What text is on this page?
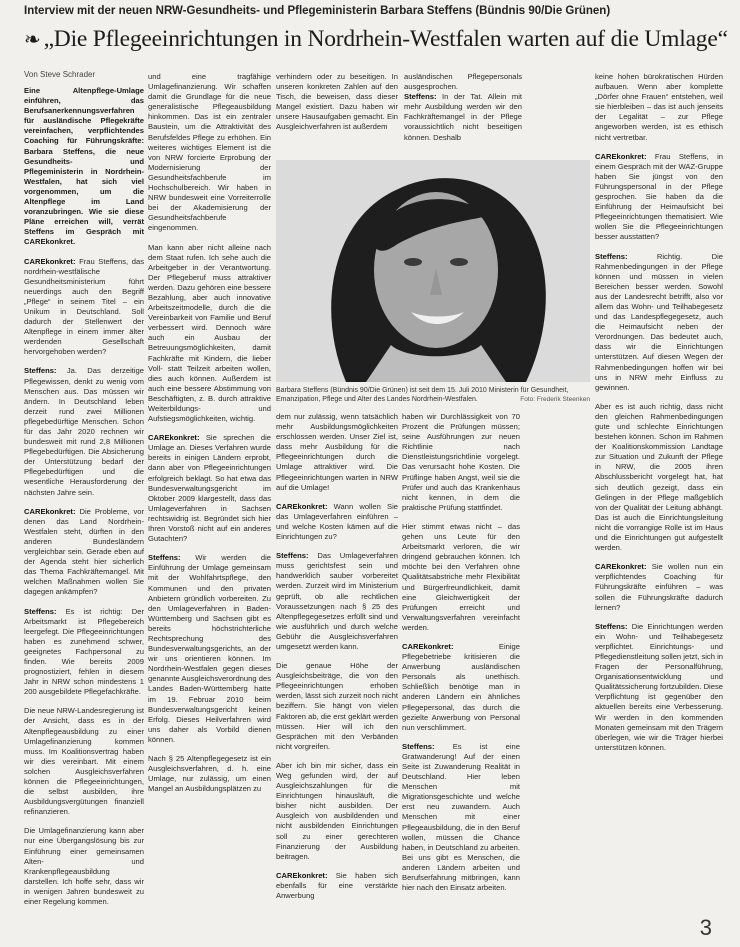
Interview mit der neuen NRW-Gesundheits- und Pflegeministerin Barbara Steffens (Bündnis 90/Die Grünen)
❧ „Die Pflegeeinrichtungen in Nordrhein-Westfalen warten auf die Umlage“
Von Steve Schrader

Eine Altenpflege-Umlage einführen, das Berufsanerkennungsverfahren für ausländische Pflegekräfte vereinfachen, verpflichtendes Coaching für Führungskräfte: Barbara Steffens, die neue Gesundheits- und Pflegeministerin in Nordrhein-Westfalen, hat sich viel vorgenommen, um die Altenpflege im Land voranzubringen. Wie sie diese Pläne erreichen will, verrät Steffens im Gespräch mit CAREkonkret.

CAREkonkret: Frau Steffens, das nordrhein-westfälische Gesundheitsministerium führt neuerdings auch den Begriff „Pflege“ in seinem Titel – ein Unikum in Deutschland. Soll dadurch der Stellenwert der Altenpflege in einem immer älter werdenden Gesellschaft hervorgehoben werden?

Steffens: Ja. Das derzeitige Pflegewissen, denkt zu wenig vom Menschen aus. Das müssen wir ändern. In Deutschland leben derzeit rund zwei Millionen pflegebedürftige Menschen. Schon für das Jahr 2020 rechnen wir bundesweit mit rund 2,8 Millionen Pflegebedürftigen. Die Absicherung der Unterstützung bedarf der Pflegebedürftigen und die wesentliche Herausforderung der nächsten Jahre sein.

CAREkonkret: Die Probleme, vor denen das Land Nordrhein-Westfalen steht, dürften in den anderen Bundesländern vergleichbar sein. Gerade eben auf der Agenda steht hier sicherlich das Thema Fachkräftemangel. Mit welchen Maßnahmen wollen Sie dagegen ankämpfen?

Steffens: Es ist richtig: Der Arbeitsmarkt ist Pflegebereich leergefegt. Die Pflegeeinrichtungen haben es zunehmend schwer, geeignetes Fachpersonal zu finden. Wie bereits 2009 prognostiziert, fehlen in diesem Jahr in NRW schon mindestens 1 200 ausgebildete Pflegefachkräfte.

Die neue NRW-Landesregierung ist der Ansicht, dass es in der Altenpflegeausbildung zu einer Umlagefinanzierung kommen muss. Im Koalitionsvertrag haben wir dies vereinbart. Mit einem solchen Ausgleichsverfahren können die Pflegeeinrichtungen, die selbst ausbilden, ihre Ausbildungsvergütungen finanziell refinanzieren.

Die Umlagefinanzierung kann aber nur eine Übergangslösung bis zur Einführung einer gemeinsamen Alten- und Krankenpflegeausbildung darstellen. Ich hoffe sehr, dass wir in wenigen Jahren bundesweit zu einer Regelung kommen.

und eine tragfähige Umlagefinanzierung. Wir schaffen damit die Grundlage für die neue generalistische Pflegeausbildung hinkommen. Das ist ein zentraler Baustein, um die Attraktivität des Berufsfeldes Pflege zu erhöhen. Ein weiteres wichtiges Element ist die von NRW forcierte Erprobung der Modernisierung der Gesundheitsfachberufe im Hochschulbereich. Wir haben in NRW bundesweit eine Vorreiterrolle bei der Akademisierung der Gesundheitsfachberufe eingenommen.

Man kann aber nicht alleine nach dem Staat rufen. Ich sehe auch die Arbeitgeber in der Verantwortung. Der Pflegeberuf muss attraktiver werden. Dazu gehören eine bessere Bezahlung, aber auch innovative Arbeitszeitmodelle, durch die die Vereinbarkeit von Familie und Beruf verbessert wird. Dennoch wäre auch ein Ausbau der Betreuungsmöglichkeiten, damit Fachkräfte mit Kindern, die lieber Voll- statt Teilzeit arbeiten wollen, dies auch können. Außerdem ist auch eine bessere Abstimmung von Beschäftigten, z. B. durch attraktive Weiterbildungs- und Aufstiegsmöglichkeiten, wichtig.

CAREkonkret: Sie sprechen die Umlage an. Dieses Verfahren wurde bereits in einigen Ländern erprobt, dann aber von Pflegeeinrichtungen erfolgreich beklagt. So hat etwa das Bundesverwaltungsgericht im Oktober 2009 klargestellt, dass das Umlageverfahren in Sachsen rechtswidrig ist. Begründet sich hier Ihren Vorstoß nicht auf ein anderes Gutachten?

Steffens: Wir werden die Einführung der Umlage gemeinsam mit der Wohlfahrtspflege, den Kommunen und den privaten Anbietern gründlich vorbereiten. Zu den Umlageverfahren in Baden-Württemberg und Sachsen gibt es bereits höchstrichterliche Rechtsprechung des Bundesverwaltungsgerichts, an der wir uns orientieren können. Im Nordrhein-Westfalen gegen dieses genannte Ausgleichsverordnung des Landes Baden-Württemberg hatte im 19. Februar 2010 beim Bundesverwaltungsgericht keinen Erfolg. Dieses Heilverfahren wird uns daher als Vorbild dienen können.

Nach § 25 Altenpflegegesetz ist ein Ausgleichsverfahren, d. h. eine Umlage, nur zulässig, um einen Mangel an Ausbildungsplätzen zu

verhindern oder zu beseitigen. In unseren konkreten Zahlen auf den Tisch, die beweisen, dass dieser Mangel existiert. Dazu haben wir unsere Hausaufgaben gemacht. Ein Ausgleichverfahren ist außerdem

ausländischen Pflegepersonals ausgesprochen.

Steffens: In der Tat. Allein mit mehr Ausbildung werden wir den Fachkräftemangel in der Pflege voraussichtlich nicht beseitigen können. Deshalb

Barbara Steffens (Bündnis 90/Die Grünen) ist seit dem 15. Juli 2010 Ministerin für Gesundheit, Emanzipation, Pflege und Alter des Landes Nordrhein-Westfalen.	Foto: Frederik Steenken

keine hohen bürokratischen Hürden aufbauen. Wenn aber komplette „Dörfer ohne Frauen“ entstehen, weil sie hierbleiben – das ist auch jenseits der Legalität – zur Pflege angeworben werden, ist es ethisch nicht vertretbar.

CAREkonkret: Frau Steffens, in einem Gespräch mit der WAZ-Gruppe haben Sie jüngst von den Führungspersonal in der Pflege gesprochen. Sie haben da die Einführung der Heimaufsicht bei Pflegeeinrichtungen thematisiert. Wie wollen Sie die Pflegeeinrichtungen besser ausstatten?

Steffens: Richtig. Die Rahmenbedingungen in der Pflege können und müssen in vielen Bereichen besser werden. Sowohl aus der Landesrecht betrifft, also vor allem das Wohn- und Teilhabegesetz und das Landespflegegesetz, auch die Heimaufsicht neben der Verordnungen. Das bedeutet auch, dass wir die Einrichtungen unterstützen. Auf diesen Wegen der Rahmenbedingungen hoffen wir bei uns in NRW mehr Einfluss zu gewinnen.

Aber es ist auch richtig, dass nicht den gleichen Rahmenbedingungen gute und schlechte Einrichtungen bestehen können. Schon im Rahmen der Koalitionskommission Landtage zur Situation und Zukunft der Pflege in NRW, die 2005 ihren Abschlussbericht vorgelegt hat, hat sich deutlich gezeigt, dass ein Gelingen in der Pflege maßgeblich von der Qualität der Leitung abhängt. Das ist auch die Einrichtungsleitung nicht die vorrangige Rolle ist im Haus und die Einrichtungen gut aufgestellt werden.

CAREkonkret: Sie wollen nun ein verpflichtendes Coaching für Führungskräfte einführen – was sollen die Führungskräfte dadurch lernen?

Steffens: Die Einrichtungen werden ein Wohn- und Teilhabegesetz verpflichtet. Einrichtungs- und Pflegedienstleitung sollen jetzt, sich in Fragen der Personalführung, Organisationsentwicklung und Qualitätssicherung fortzubilden. Diese Verpflichtung ist gegenüber den aktuellen bereits eine Verbesserung. Wir werden in den kommenden Monaten gemeinsam mit den Trägern überlegen, wie wir die Träger hierbei unterstützen können.

dem nur zulässig, wenn tatsächlich mehr Ausbildungsmöglichkeiten erschlossen werden. Unser Ziel ist, dass mehr Ausbildung für die Pflegeeinrichtungen durch die Umlage attraktiver wird. Die Pflegeeinrichtungen warten in NRW auf die Umlage!

CAREkonkret: Wann wollen Sie das Umlageverfahren einführen – und welche Kosten kämen auf die Einrichtungen zu?

Steffens: Das Umlageverfahren muss gerichtsfest sein und handwerklich sauber vorbereitet werden. Zurzeit wird im Ministerium geprüft, ob alle rechtlichen Voraussetzungen nach § 25 des Altenpflegegesetzes erfüllt sind und wie ausführlich und durch welche Gebühr die Ausgleichsverfahren umgesetzt werden kann.

Die genaue Höhe der Ausgleichsbeiträge, die von den Pflegeeinrichtungen erhoben werden, lässt sich zurzeit noch nicht beziffern. Sie hängt von vielen Faktoren ab, die erst geklärt werden müssen. Hier will ich den Gesprächen mit den Verbänden nicht vorgreifen.

Aber ich bin mir sicher, dass ein Weg gefunden wird, der auf Ausgleichszahlungen für die Einrichtungen hinausläuft, die bisher nicht ausbilden. Der Ausgleich von ausbildenden und nicht ausbildenden Einrichtungen soll zu einer gerechteren Finanzierung der Ausbildung beitragen.

CAREkonkret: Sie haben sich ebenfalls für eine verstärkte Anwerbung

haben wir Durchlässigkeit von 70 Prozent die Prüfungen müssen; seine Ausführungen zur neuen Richtlinie nach Dienstleistungsrichtlinie vorgelegt. Das verursacht hohe Kosten. Die Prüflinge haben Angst, weil sie die Prüfer und auch das Krankenhaus nicht kennen, in dem die praktische Prüfung stattfindet.

Hier stimmt etwas nicht – das gehen uns Leute für den Arbeitsmarkt verloren, die wir dringend gebrauchen können. Ich möchte bei den Verfahren ohne Qualitätsabstriche mehr Flexibilität und Bürgerfreundlichkeit, damit eine Gleichwertigkeit der Prüfungen erreicht und Verwaltungsverfahren vereinfacht werden.

CAREkonkret: Einige Pflegebetriebe kritisieren die Anwerbung ausländischen Personals als unethisch. Schließlich benötige man in anderen Ländern ein ähnliches Pflegepersonal, das durch die gezielte Anwerbung von Personal nun verschlimmert.

Steffens: Es ist eine Gratwanderung! Auf der einen Seite ist Zuwanderung Realität in Deutschland. Hier leben Menschen mit Migrationsgeschichte und welche erst neu zuwandern. Auch Menschen mit einer Pflegeausbildung, die in den Beruf wollen, müssen die Chance haben, in Deutschland zu arbeiten. Bei uns gibt es Menschen, die anderen Ländern arbeiten und Berufserfahrung mitbringen, kann hier nach den Einsatz arbeiten.

3
